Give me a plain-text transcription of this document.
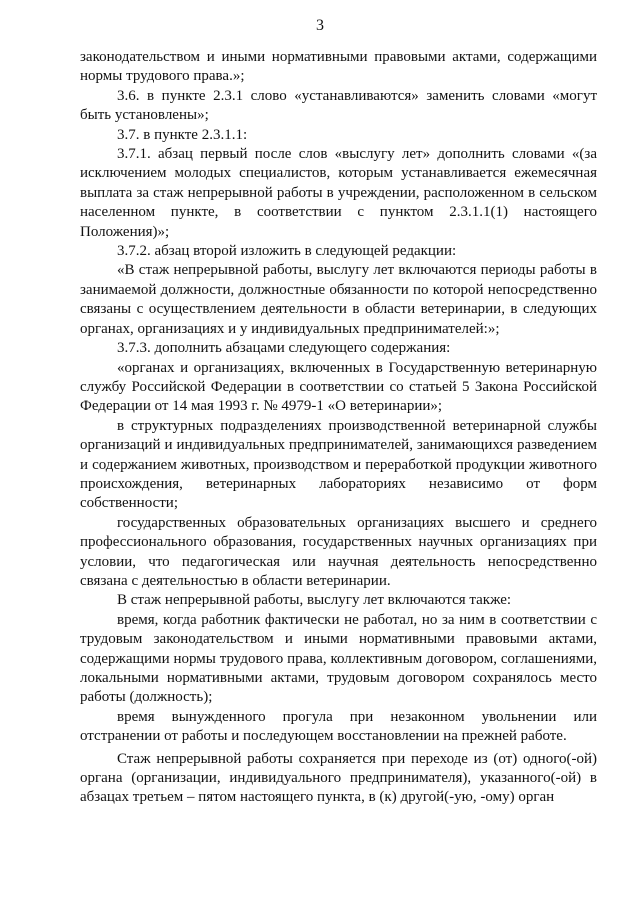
3

законодательством и иными нормативными правовыми актами, содержащими нормы трудового права.»;

3.6. в пункте 2.3.1 слово «устанавливаются» заменить словами «могут быть установлены»;

3.7. в пункте 2.3.1.1:

3.7.1. абзац первый после слов «выслугу лет» дополнить словами «(за исключением молодых специалистов, которым устанавливается ежемесячная выплата за стаж непрерывной работы в учреждении, расположенном в сельском населенном пункте, в соответствии с пунктом 2.3.1.1(1) настоящего Положения)»;

3.7.2. абзац второй изложить в следующей редакции:

«В стаж непрерывной работы, выслугу лет включаются периоды работы в занимаемой должности, должностные обязанности по которой непосредственно связаны с осуществлением деятельности в области ветеринарии, в следующих органах, организациях и у индивидуальных предпринимателей:»;

3.7.3. дополнить абзацами следующего содержания:

«органах и организациях, включенных в Государственную ветеринарную службу Российской Федерации в соответствии со статьей 5 Закона Российской Федерации от 14 мая 1993 г. № 4979-1 «О ветеринарии»;

в структурных подразделениях производственной ветеринарной службы организаций и индивидуальных предпринимателей, занимающихся разведением и содержанием животных, производством и переработкой продукции животного происхождения, ветеринарных лабораториях независимо от форм собственности;

государственных образовательных организациях высшего и среднего профессионального образования, государственных научных организациях при условии, что педагогическая или научная деятельность непосредственно связана с деятельностью в области ветеринарии.

В стаж непрерывной работы, выслугу лет включаются также:

время, когда работник фактически не работал, но за ним в соответствии с трудовым законодательством и иными нормативными правовыми актами, содержащими нормы трудового права, коллективным договором, соглашениями, локальными нормативными актами, трудовым договором сохранялось место работы (должность);

время вынужденного прогула при незаконном увольнении или отстранении от работы и последующем восстановлении на прежней работе.

Стаж непрерывной работы сохраняется при переходе из (от) одного(-ой) органа (организации, индивидуального предпринимателя), указанного(-ой) в абзацах третьем – пятом настоящего пункта, в (к) другой(-ую, -ому) орган
